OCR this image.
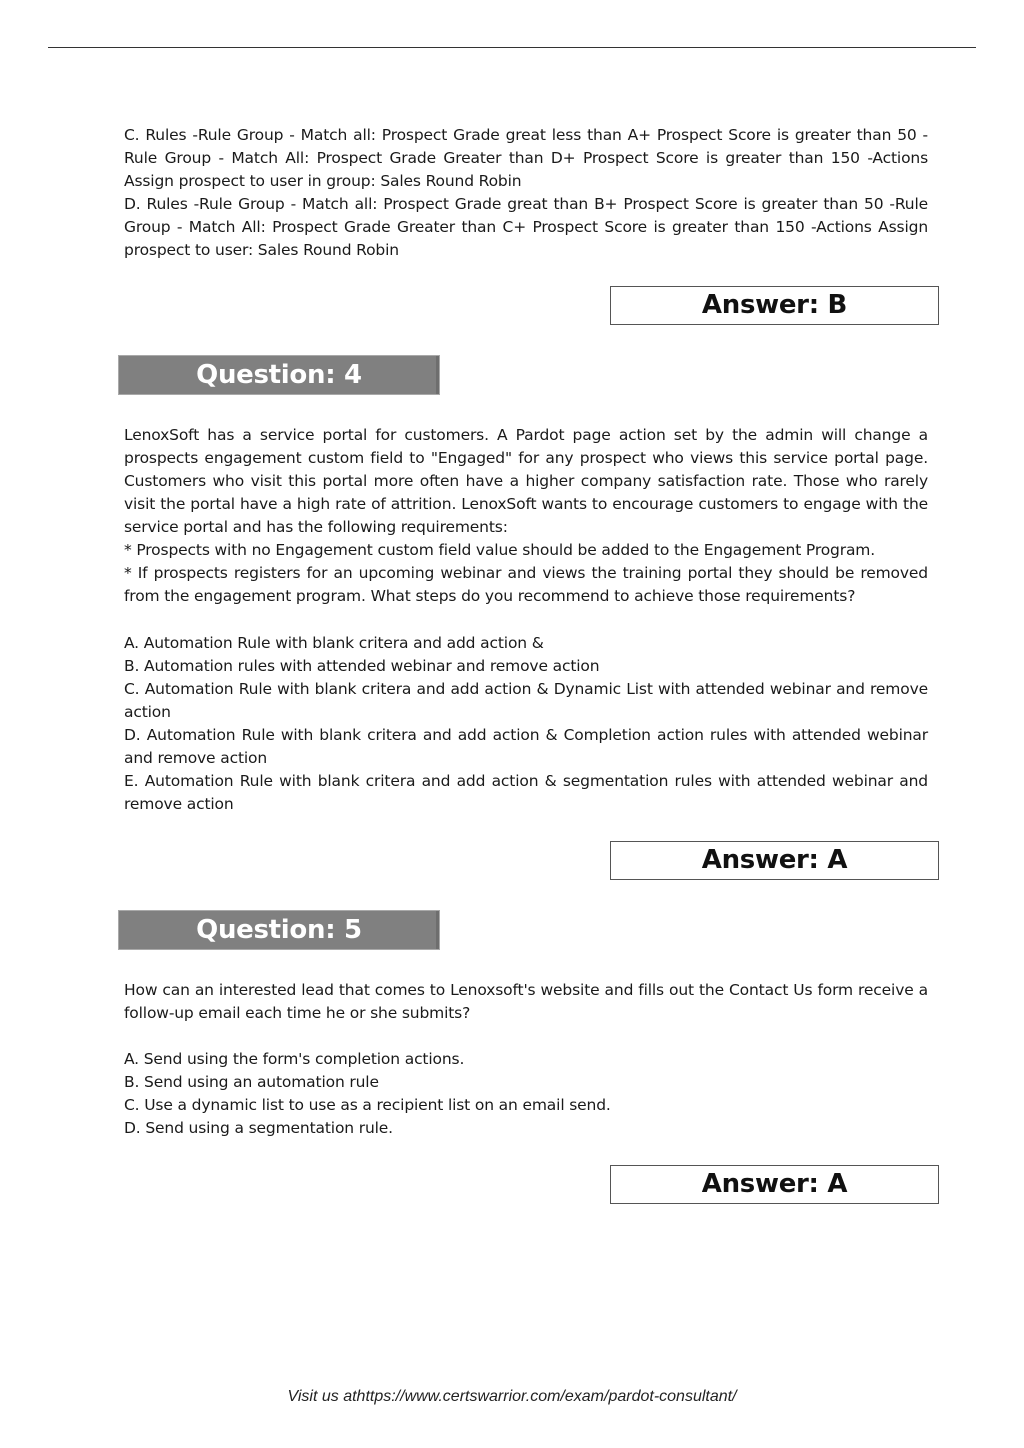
C. Rules -Rule Group - Match all: Prospect Grade great less than A+ Prospect Score is greater than 50 - Rule Group - Match All: Prospect Grade Greater than D+ Prospect Score is greater than 150 -Actions Assign prospect to user in group: Sales Round Robin

D. Rules -Rule Group - Match all: Prospect Grade great than B+ Prospect Score is greater than 50 -Rule Group - Match All: Prospect Grade Greater than C+ Prospect Score is greater than 150 -Actions Assign prospect to user: Sales Round Robin

Answer: B
Question: 4

LenoxSoft has a service portal for customers. A Pardot page action set by the admin will change a prospects engagement custom field to "Engaged" for any prospect who views this service portal page. Customers who visit this portal more often have a higher company satisfaction rate. Those who rarely visit the portal have a high rate of attrition. LenoxSoft wants to encourage customers to engage with the service portal and has the following requirements:

* Prospects with no Engagement custom field value should be added to the Engagement Program.

* If prospects registers for an upcoming webinar and views the training portal they should be removed from the engagement program. What steps do you recommend to achieve those requirements?

A. Automation Rule with blank critera and add action &

B. Automation rules with attended webinar and remove action

C. Automation Rule with blank critera and add action & Dynamic List with attended webinar and remove action

D. Automation Rule with blank critera and add action & Completion action rules with attended webinar and remove action

E. Automation Rule with blank critera and add action & segmentation rules with attended webinar and remove action

Answer: A
Question: 5

How can an interested lead that comes to Lenoxsoft's website and fills out the Contact Us form receive a follow-up email each time he or she submits?

A. Send using the form's completion actions.

B. Send using an automation rule

C. Use a dynamic list to use as a recipient list on an email send.

D. Send using a segmentation rule.

Answer: A
Visit us athttps://www.certswarrior.com/exam/pardot-consultant/
